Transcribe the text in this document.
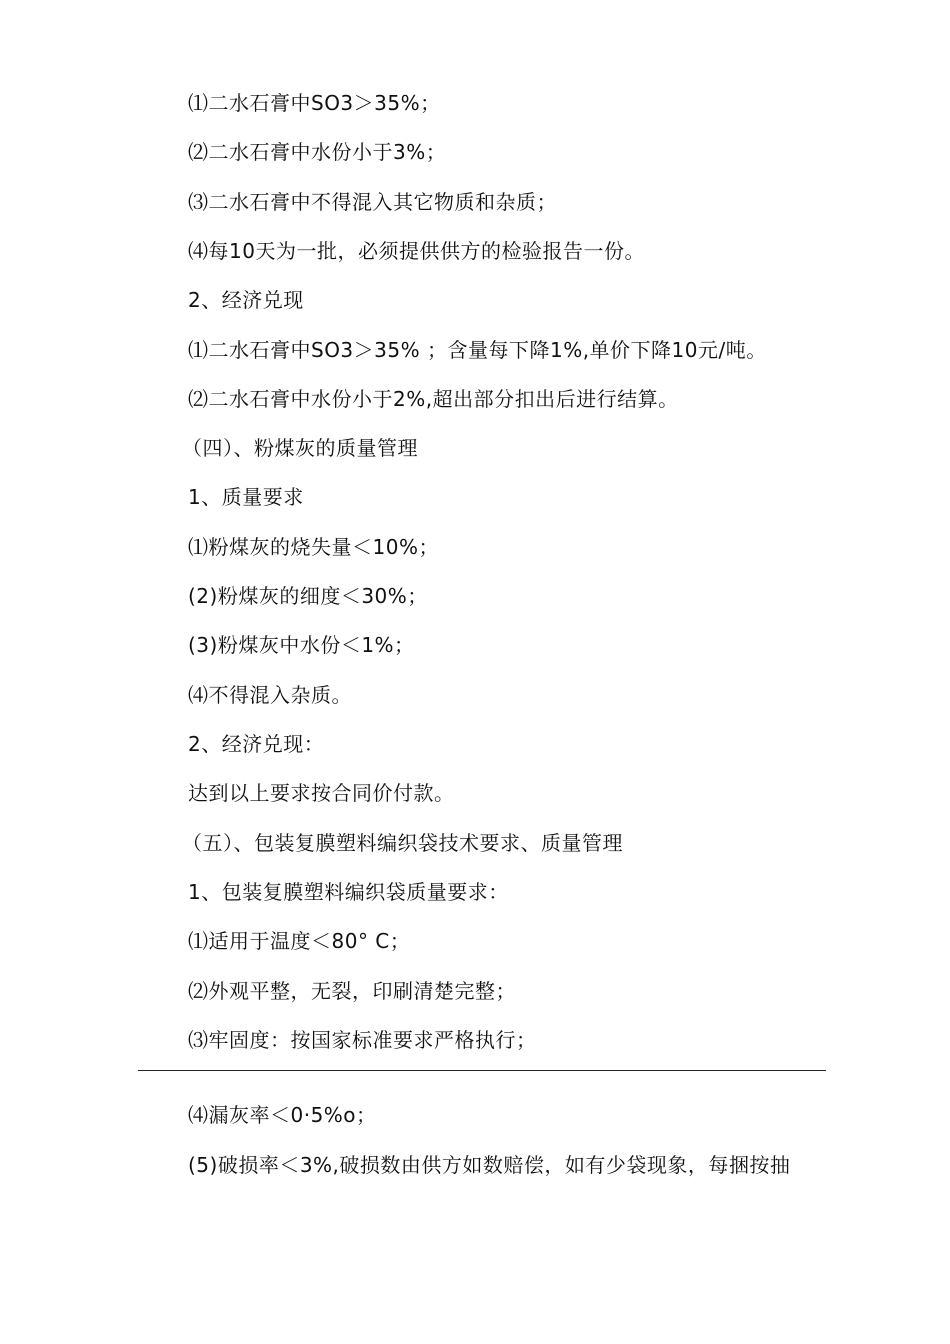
⑴二水石膏中SO3＞35%；
⑵二水石膏中水份小于3%；
⑶二水石膏中不得混入其它物质和杂质；
⑷每10天为一批，必须提供供方的检验报告一份。
2、经济兑现
⑴二水石膏中SO3＞35% ；含量每下降1%,单价下降10元/吨。
⑵二水石膏中水份小于2%,超出部分扣出后进行结算。
（四）、粉煤灰的质量管理
1、质量要求
⑴粉煤灰的烧失量＜10%；
(2)粉煤灰的细度＜30%；
(3)粉煤灰中水份＜1%；
⑷不得混入杂质。
2、经济兑现：
达到以上要求按合同价付款。
（五）、包装复膜塑料编织袋技术要求、质量管理
1、包装复膜塑料编织袋质量要求：
⑴适用于温度＜80° C；
⑵外观平整，无裂，印刷清楚完整；
⑶牢固度：按国家标准要求严格执行；
⑷漏灰率＜0·5%o；
(5)破损率＜3%,破损数由供方如数赔偿，如有少袋现象，每捆按抽
